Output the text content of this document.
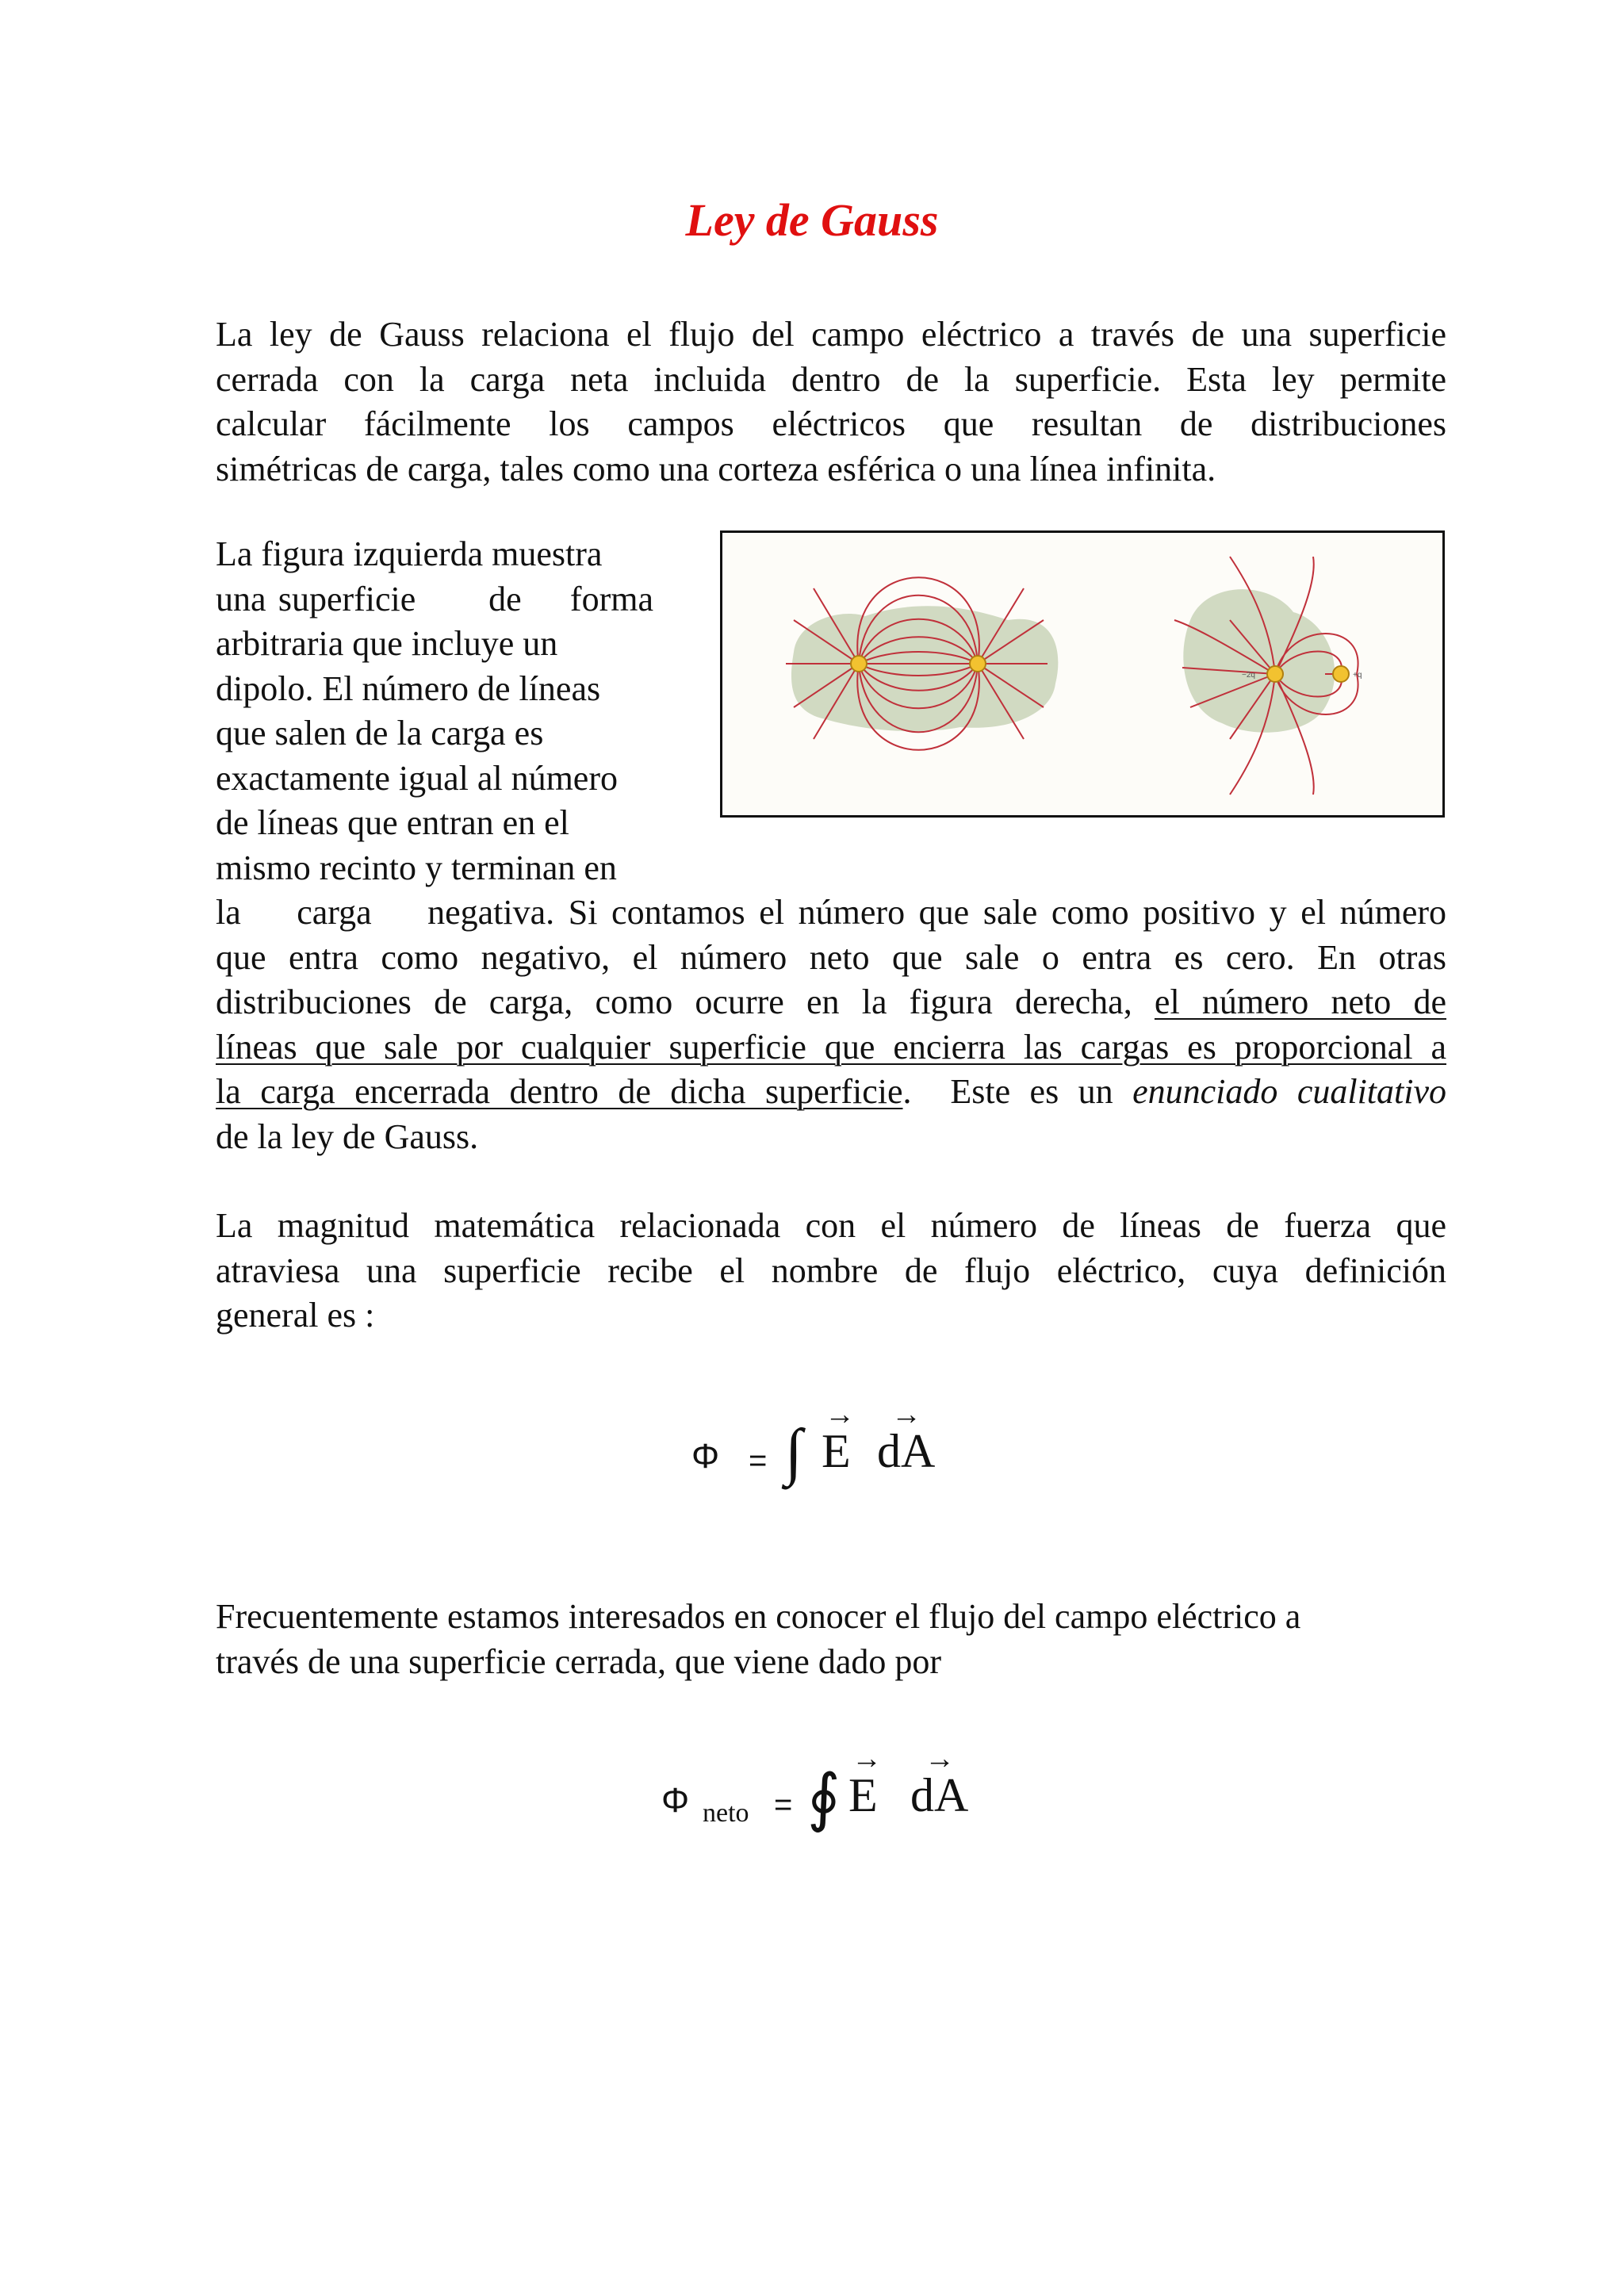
Ley de Gauss
La ley de Gauss relaciona el flujo del campo eléctrico a través de una superficie
cerrada con la carga neta incluida dentro de la superficie. Esta ley permite
calcular fácilmente los campos eléctricos que resultan de distribuciones
simétricas de carga, tales como una corteza esférica o una línea infinita.
La figura izquierda muestra
una superficie      de    forma
arbitraria que incluye un
dipolo. El número de líneas
que salen de la carga es
exactamente igual al número
de líneas que entran en el
mismo recinto y terminan en
−2q	+q
la    carga    negativa. Si contamos el número que sale como positivo y el número
que entra como negativo, el número neto que sale o entra es cero. En otras
distribuciones de carga, como ocurre en la figura derecha, el número neto de
líneas que sale por cualquier superficie que encierra las cargas es proporcional a
la carga encerrada dentro de dicha superficie.  Este es un enunciado cualitativo
de la ley de Gauss.
La magnitud matemática relacionada con el número de líneas de fuerza que
atraviesa una superficie recibe el nombre de flujo eléctrico, cuya definición
general es :
Φ = ∫
→
E
→
dA
Frecuentemente estamos interesados en conocer el flujo del campo eléctrico a
través de una superficie cerrada, que viene dado por
Φ neto = ∮
→
E
→
dA
